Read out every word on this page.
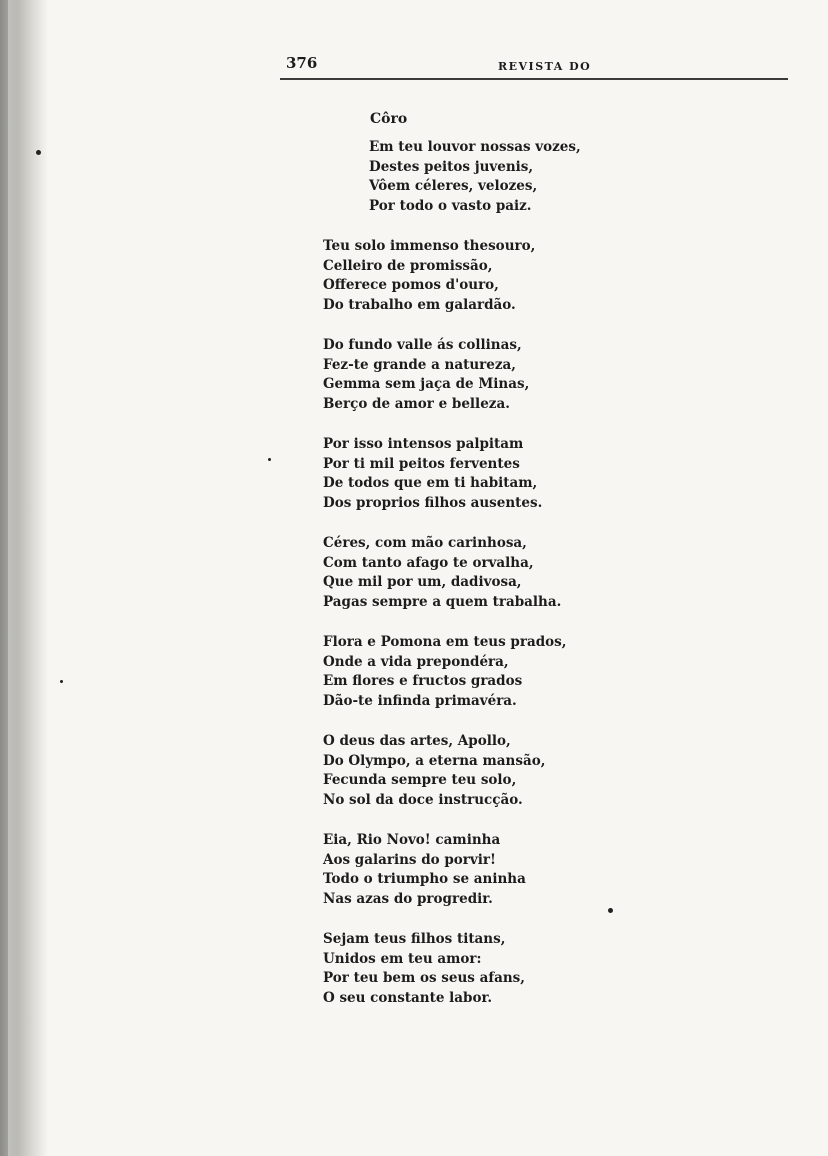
376	REVISTA DO
Côro
Em teu louvor nossas vozes,
Destes peitos juvenis,
Vôem céleres, velozes,
Por todo o vasto paiz.
Teu solo immenso thesouro,
Celleiro de promissão,
Offerece pomos d'ouro,
Do trabalho em galardão.
Do fundo valle ás collinas,
Fez-te grande a natureza,
Gemma sem jaça de Minas,
Berço de amor e belleza.
Por isso intensos palpitam
Por ti mil peitos ferventes
De todos que em ti habitam,
Dos proprios filhos ausentes.
Céres, com mão carinhosa,
Com tanto afago te orvalha,
Que mil por um, dadivosa,
Pagas sempre a quem trabalha.
Flora e Pomona em teus prados,
Onde a vida prepondéra,
Em flores e fructos grados
Dão-te infinda primavéra.
O deus das artes, Apollo,
Do Olympo, a eterna mansão,
Fecunda sempre teu solo,
No sol da doce instrucção.
Eia, Rio Novo! caminha
Aos galarins do porvir!
Todo o triumpho se aninha
Nas azas do progredir.
Sejam teus filhos titans,
Unidos em teu amor:
Por teu bem os seus afans,
O seu constante labor.
